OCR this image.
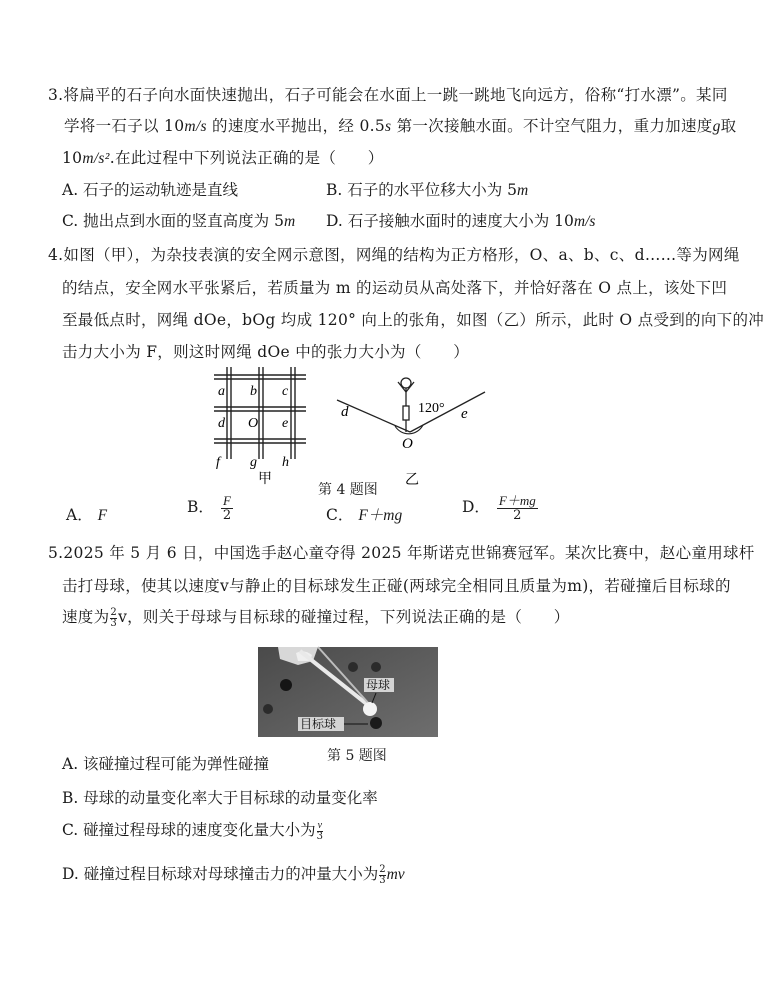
3.将扁平的石子向水面快速抛出，石子可能会在水面上一跳一跳地飞向远方，俗称“打水漂”。某同
学将一石子以 10m/s 的速度水平抛出，经 0.5s 第一次接触水面。不计空气阻力，重力加速度g取
10m/s².在此过程中下列说法正确的是（　　）
A. 石子的运动轨迹是直线	B. 石子的水平位移大小为 5m
C. 抛出点到水面的竖直高度为 5m D. 石子接触水面时的速度大小为 10m/s
4.如图（甲），为杂技表演的安全网示意图，网绳的结构为正方格形，O、a、b、c、d……等为网绳
的结点，安全网水平张紧后，若质量为 m 的运动员从高处落下，并恰好落在 O 点上，该处下凹
至最低点时，网绳 dOe，bOg 均成 120° 向上的张角，如图（乙）所示，此时 O 点受到的向下的冲
击力大小为 F，则这时网绳 dOe 中的张力大小为（　　）
a b c
d O e
f g h
甲
120°
d	e
O
乙
第 4 题图
A． F	B． $\frac{F}{2}$	C． F＋mg	D． $\frac{F+mg}{2}$
5.2025 年 5 月 6 日，中国选手赵心童夺得 2025 年斯诺克世锦赛冠军。某次比赛中，赵心童用球杆
击打母球，使其以速度v与静止的目标球发生正碰(两球完全相同且质量为m)，若碰撞后目标球的
速度为 $\frac{2}{3}$ v，则关于母球与目标球的碰撞过程，下列说法正确的是（　　）
母球
目标球
第 5 题图
A. 该碰撞过程可能为弹性碰撞
B. 母球的动量变化率大于目标球的动量变化率
C. 碰撞过程母球的速度变化量大小为 $\frac{v}{3}$
D. 碰撞过程目标球对母球撞击力的冲量大小为 $\frac{2}{3}$ mv
